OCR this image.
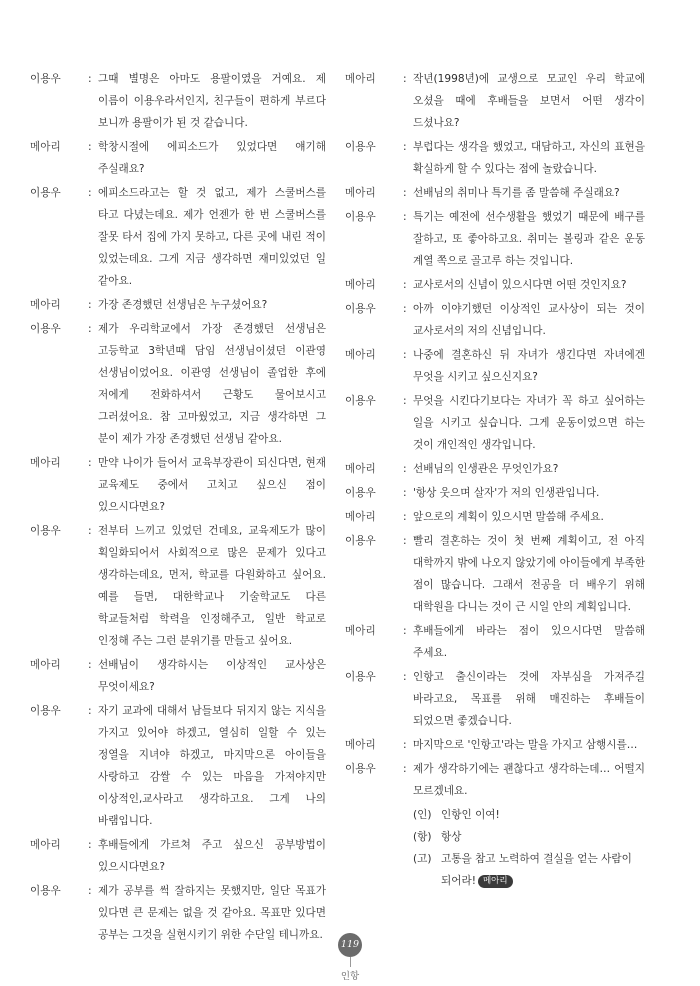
이용우	: 그때 별명은 아마도 용팔이였을 거예요. 제 이름이 이용우라서인지, 친구들이 편하게 부르다 보니까 용팔이가 된 것 같습니다.
메아리	: 학창시절에 에피소드가 있었다면 얘기해 주실래요?
이용우	: 에피소드라고는 할 것 없고, 제가 스쿨버스를 타고 다녔는데요. 제가 언젠가 한 번 스쿨버스를 잘못 타서 집에 가지 못하고, 다른 곳에 내린 적이 있었는데요. 그게 지금 생각하면 재미있었던 일 같아요.
메아리	: 가장 존경했던 선생님은 누구셨어요?
이용우	: 제가 우리학교에서 가장 존경했던 선생님은 고등학교 3학년때 담임 선생님이셨던 이관영 선생님이었어요. 이관영 선생님이 졸업한 후에 저에게 전화하셔서 근황도 물어보시고 그러셨어요. 참 고마웠었고, 지금 생각하면 그 분이 제가 가장 존경했던 선생님 같아요.
메아리	: 만약 나이가 들어서 교육부장관이 되신다면, 현재 교육제도 중에서 고치고 싶으신 점이 있으시다면요?
이용우	: 전부터 느끼고 있었던 건데요, 교육제도가 많이 획일화되어서 사회적으로 많은 문제가 있다고 생각하는데요, 먼저, 학교를 다원화하고 싶어요. 예를 들면, 대한학교나 기술학교도 다른 학교들처럼 학력을 인정해주고, 일반 학교로 인정해 주는 그런 분위기를 만들고 싶어요.
메아리	: 선배님이 생각하시는 이상적인 교사상은 무엇이세요?
이용우	: 자기 교과에 대해서 남들보다 뒤지지 않는 지식을 가지고 있어야 하겠고, 열심히 일할 수 있는 정열을 지녀야 하겠고, 마지막으론 아이들을 사랑하고 감쌀 수 있는 마음을 가져야지만 이상적인,교사라고 생각하고요. 그게 나의 바램입니다.
메아리	: 후배들에게 가르쳐 주고 싶으신 공부방법이 있으시다면요?
이용우	: 제가 공부를 썩 잘하지는 못했지만, 일단 목표가 있다면 큰 문제는 없을 것 같아요. 목표만 있다면 공부는 그것을 실현시키기 위한 수단일 테니까요.
메아리	: 작년(1998년)에 교생으로 모교인 우리 학교에 오셨을 때에 후배들을 보면서 어떤 생각이 드셨나요?
이용우	: 부럽다는 생각을 했었고, 대담하고, 자신의 표현을 확실하게 할 수 있다는 점에 놀랐습니다.
메아리	: 선배님의 취미나 특기를 좀 말씀해 주실래요?
이용우	: 특기는 예전에 선수생활을 했었기 때문에 배구를 잘하고, 또 좋아하고요. 취미는 볼링과 같은 운동 계열 쪽으로 골고루 하는 것입니다.
메아리	: 교사로서의 신념이 있으시다면 어떤 것인지요?
이용우	: 아까 이야기했던 이상적인 교사상이 되는 것이 교사로서의 저의 신념입니다.
메아리	: 나중에 결혼하신 뒤 자녀가 생긴다면 자녀에겐 무엇을 시키고 싶으신지요?
이용우	: 무엇을 시킨다기보다는 자녀가 꼭 하고 싶어하는 일을 시키고 싶습니다. 그게 운동이었으면 하는 것이 개인적인 생각입니다.
메아리	: 선배님의 인생관은 무엇인가요?
이용우	: '항상 웃으며 살자'가 저의 인생관입니다.
메아리	: 앞으로의 계획이 있으시면 말씀해 주세요.
이용우	: 빨리 결혼하는 것이 첫 번째 계획이고, 전 아직 대학까지 밖에 나오지 않았기에 아이들에게 부족한 점이 많습니다. 그래서 전공을 더 배우기 위해 대학원을 다니는 것이 근 시일 안의 계획입니다.
메아리	: 후배들에게 바라는 점이 있으시다면 말씀해 주세요.
이용우	: 인항고 출신이라는 것에 자부심을 가져주길 바라고요, 목표를 위해 매진하는 후배들이 되었으면 좋겠습니다.
메아리	: 마지막으로 '인항고'라는 말을 가지고 삼행시를…
이용우	: 제가 생각하기에는 괜찮다고 생각하는데… 어떨지 모르겠네요.
(인) 인항인 이여!
(항) 항상
(고) 고통을 참고 노력하여 결실을 얻는 사람이 되어라! 메아리
119
인항
